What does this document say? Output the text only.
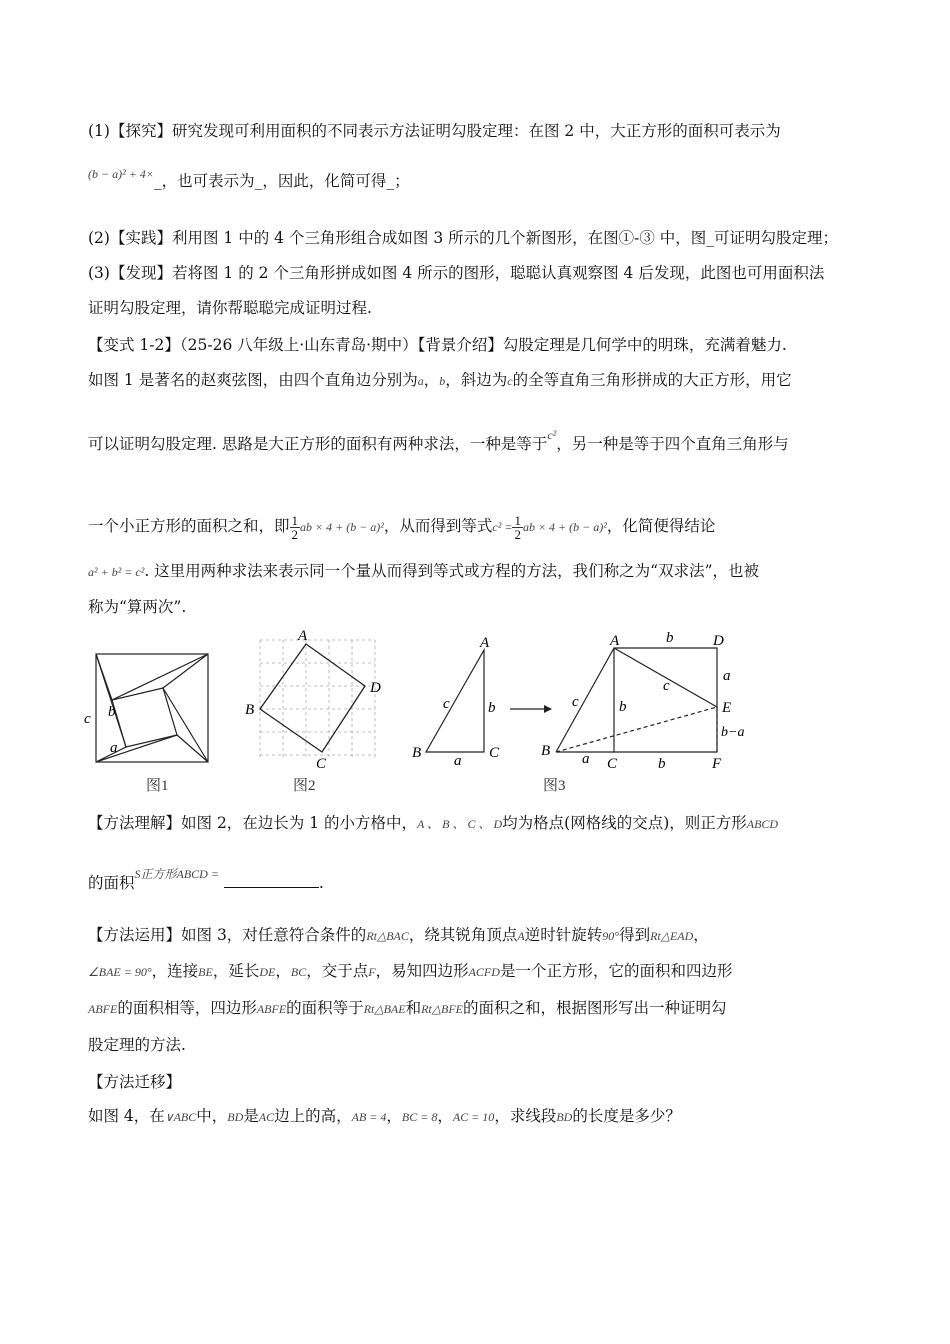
(1)【探究】研究发现可利用面积的不同表示方法证明勾股定理：在图 2 中，大正方形的面积可表示为
$^{(b - a)^2 + 4\times}$_，也可表示为_，因此，化简可得_；
(2)【实践】利用图 1 中的 4 个三角形组合成如图 3 所示的几个新图形，在图①-③ 中，图_可证明勾股定理；
(3)【发现】若将图 1 的 2 个三角形拼成如图 4 所示的图形，聪聪认真观察图 4 后发现，此图也可用面积法
证明勾股定理，请你帮聪聪完成证明过程.
【变式 1-2】（25-26 八年级上·山东青岛·期中）【背景介绍】勾股定理是几何学中的明珠，充满着魅力.
如图 1 是著名的赵爽弦图，由四个直角边分别为a，b，斜边为c的全等直角三角形拼成的大正方形，用它
可以证明勾股定理. 思路是大正方形的面积有两种求法，一种是等于$^{c^2}$，另一种是等于四个直角三角形与
一个小正方形的面积之和，即 $\frac{1}{2}$ ab × 4 + (b − a)²，从而得到等式$c^2 = \frac{1}{2}$ ab × 4 + (b − a)²，化简便得结论
a² + b² = c². 这里用两种求法来表示同一个量从而得到等式或方程的方法，我们称之为“双求法”，也被
称为“算两次”.
c b
a
图1
A
D
C
B
图2
A
B	C
c	b
a
A	D
E
B
C	F
b
a
c
c	b
b−a
a	b
图3
【方法理解】如图 2，在边长为 1 的小方格中，A 、 B 、 C 、 D均为格点(网格线的交点)，则正方形ABCD
的面积$^{S正方形ABCD =}$	.
【方法运用】如图 3，对任意符合条件的Rt△BAC，绕其锐角顶点A逆时针旋转90°得到Rt△EAD，
∠BAE = 90°，连接BE，延长DE，BC，交于点F，易知四边形ACFD是一个正方形，它的面积和四边形
ABFE的面积相等，四边形ABFE的面积等于Rt△BAE和Rt△BFE的面积之和，根据图形写出一种证明勾
股定理的方法.
【方法迁移】
如图 4，在∨ABC中，BD是AC边上的高，AB = 4，BC = 8，AC = 10，求线段BD的长度是多少？
